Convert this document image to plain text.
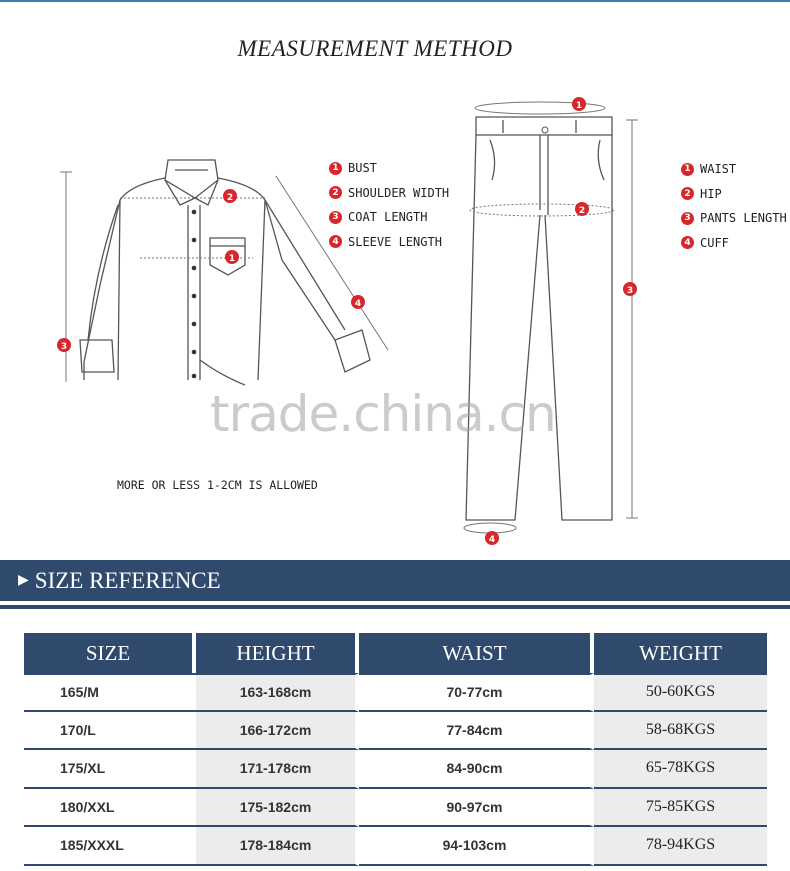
MEASUREMENT METHOD
1
2
3
4
1
2
3
4
1 BUST
2 SHOULDER WIDTH
3 COAT LENGTH
4 SLEEVE LENGTH
1 WAIST
2 HIP
3 PANTS LENGTH
4 CUFF
trade.china.cn
MORE OR LESS 1-2CM IS ALLOWED
▶ SIZE REFERENCE
SIZE	HEIGHT	WAIST	WEIGHT
165/M	163-168cm	70-77cm	50-60KGS
170/L	166-172cm	77-84cm	58-68KGS
175/XL	171-178cm	84-90cm	65-78KGS
180/XXL	175-182cm	90-97cm	75-85KGS
185/XXXL	178-184cm	94-103cm	78-94KGS
